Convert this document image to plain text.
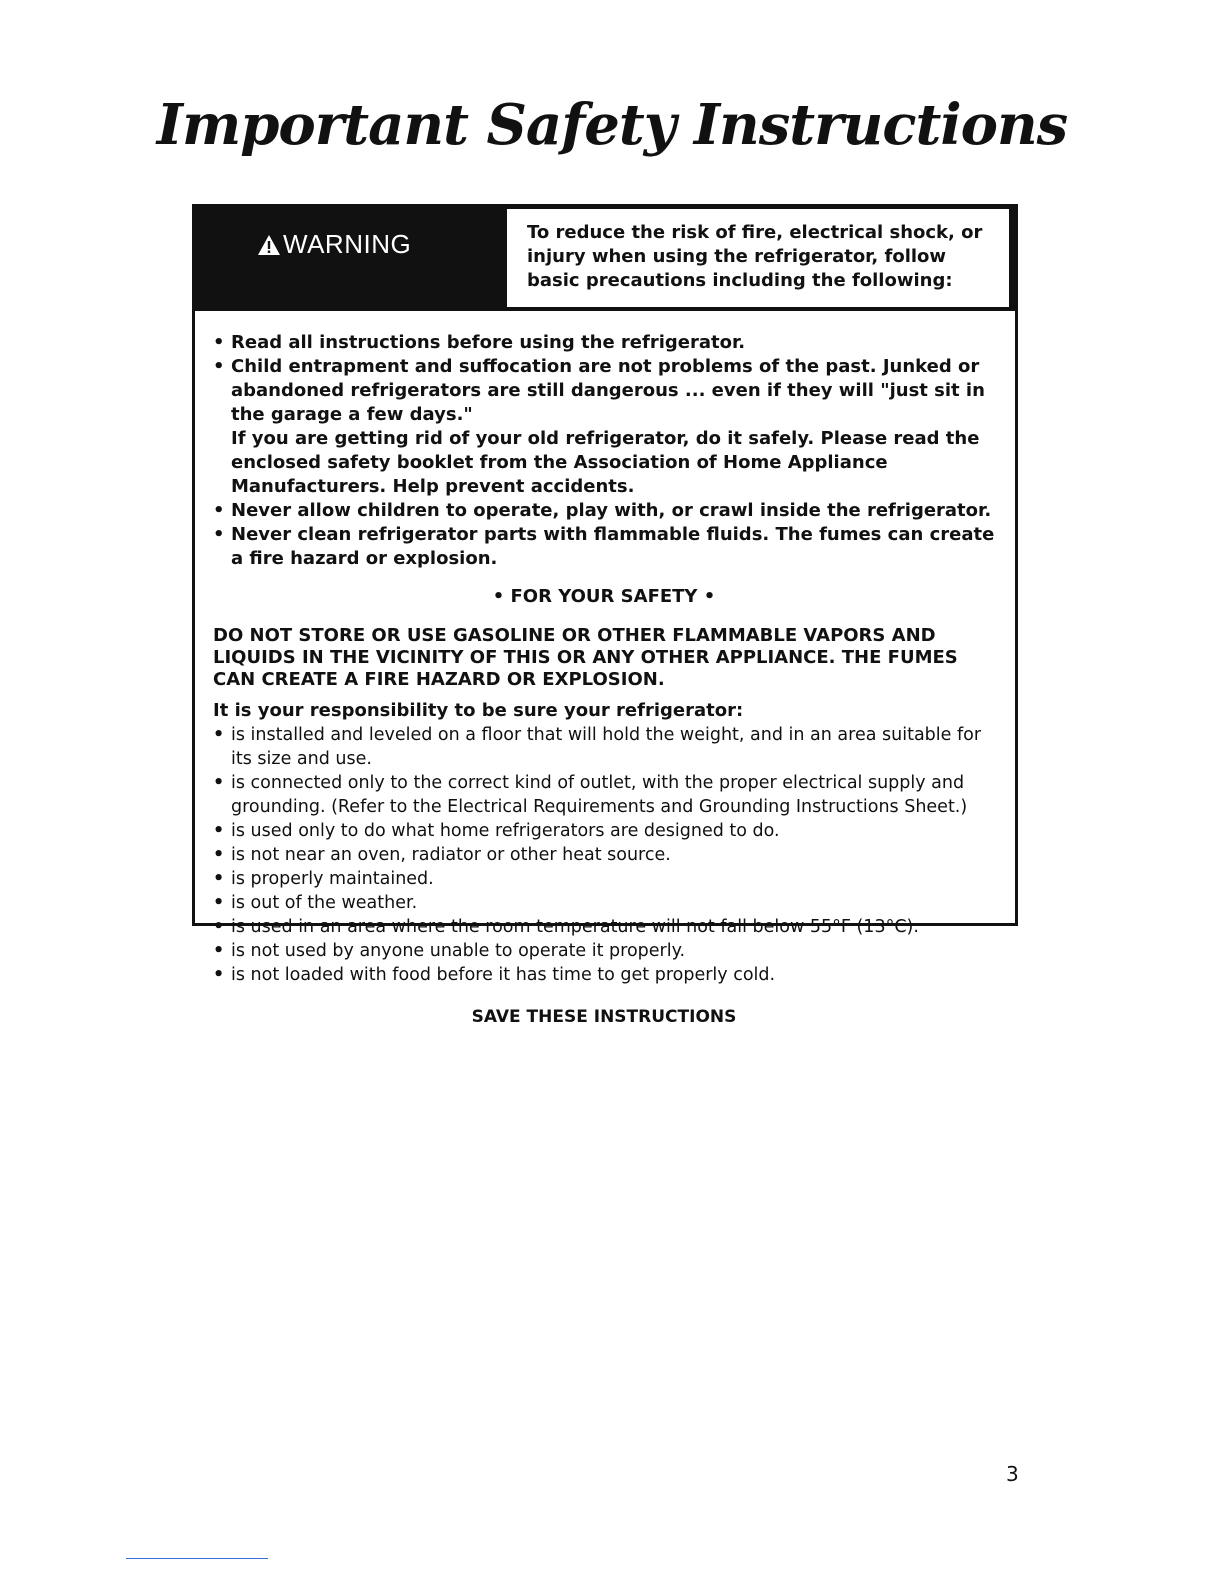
Important Safety Instructions
WARNING	To reduce the risk of fire, electrical shock, or injury when using the refrigerator, follow basic precautions including the following:
• Read all instructions before using the refrigerator.
• Child entrapment and suffocation are not problems of the past. Junked or abandoned refrigerators are still dangerous ... even if they will "just sit in the garage a few days."
If you are getting rid of your old refrigerator, do it safely. Please read the enclosed safety booklet from the Association of Home Appliance Manufacturers. Help prevent accidents.
• Never allow children to operate, play with, or crawl inside the refrigerator.
• Never clean refrigerator parts with flammable fluids. The fumes can create a fire hazard or explosion.
• FOR YOUR SAFETY •
DO NOT STORE OR USE GASOLINE OR OTHER FLAMMABLE VAPORS AND LIQUIDS IN THE VICINITY OF THIS OR ANY OTHER APPLIANCE. THE FUMES CAN CREATE A FIRE HAZARD OR EXPLOSION.
It is your responsibility to be sure your refrigerator:
• is installed and leveled on a floor that will hold the weight, and in an area suitable for its size and use.
• is connected only to the correct kind of outlet, with the proper electrical supply and grounding. (Refer to the Electrical Requirements and Grounding Instructions Sheet.)
• is used only to do what home refrigerators are designed to do.
• is not near an oven, radiator or other heat source.
• is properly maintained.
• is out of the weather.
• is used in an area where the room temperature will not fall below 55°F (13°C).
• is not used by anyone unable to operate it properly.
• is not loaded with food before it has time to get properly cold.
SAVE THESE INSTRUCTIONS
3
